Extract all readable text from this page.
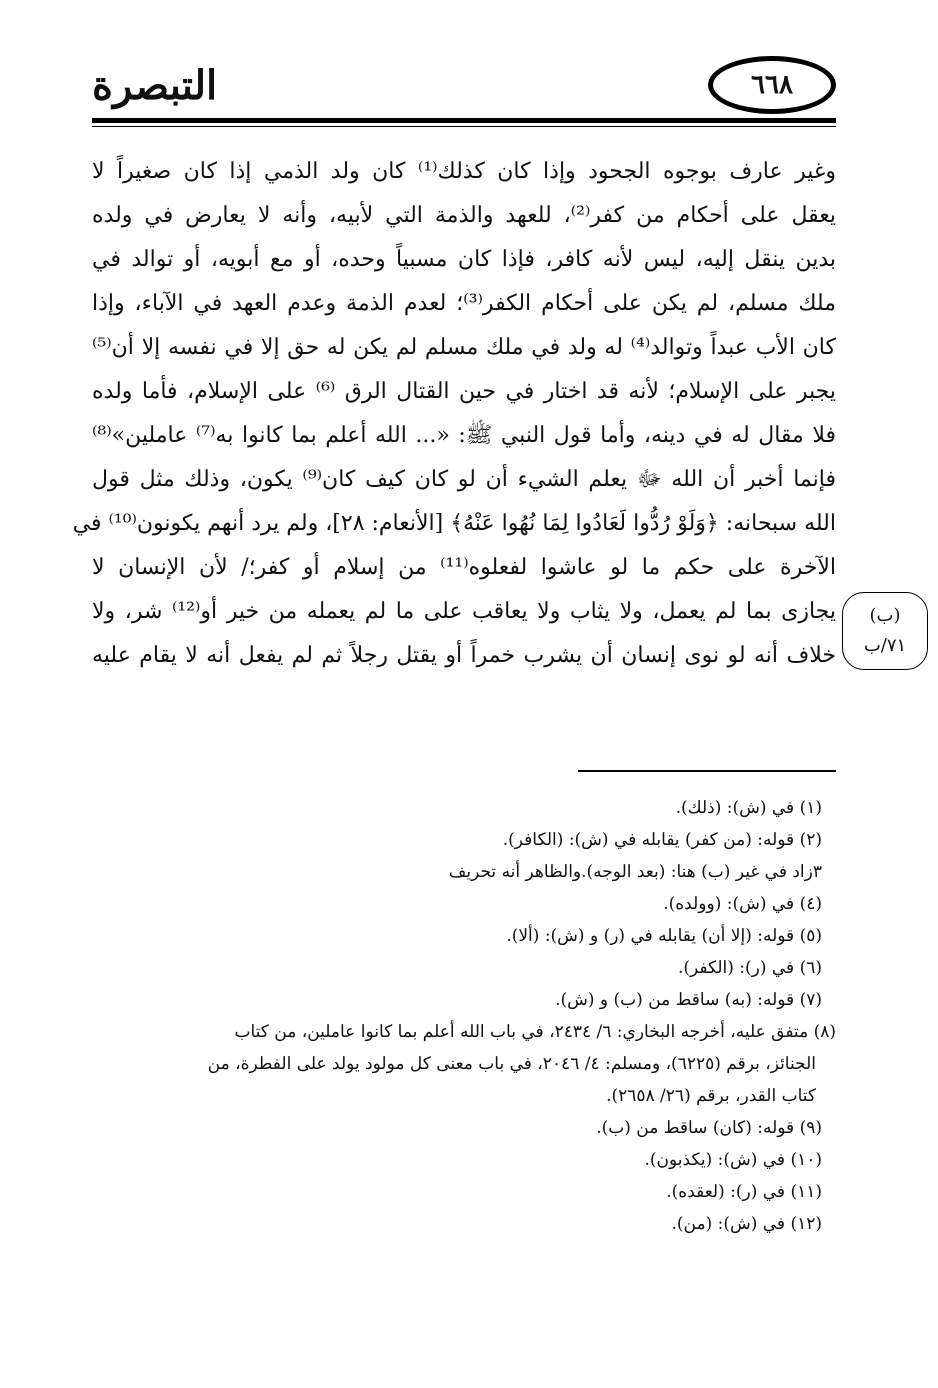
التبصرة	٦٦٨
وغير عارف بوجوه الجحود وإذا كان كذلك⁽¹⁾ كان ولد الذمي إذا كان صغيراً لا
يعقل على أحكام من كفر⁽²⁾، للعهد والذمة التي لأبيه، وأنه لا يعارض في ولده
بدين ينقل إليه، ليس لأنه كافر، فإذا كان مسبياً وحده، أو مع أبويه، أو توالد في
ملك مسلم، لم يكن على أحكام الكفر⁽³⁾؛ لعدم الذمة وعدم العهد في الآباء، وإذا
كان الأب عبداً وتوالد⁽⁴⁾ له ولد في ملك مسلم لم يكن له حق إلا في نفسه إلا أن⁽⁵⁾
يجبر على الإسلام؛ لأنه قد اختار في حين القتال الرق ⁽⁶⁾ على الإسلام، فأما ولده
فلا مقال له في دينه، وأما قول النبي ﷺ: «... الله أعلم بما كانوا به⁽⁷⁾ عاملين»⁽⁸⁾
فإنما أخبر أن الله ﷻ يعلم الشيء أن لو كان كيف كان⁽⁹⁾ يكون، وذلك مثل قول
الله سبحانه: ﴿وَلَوْ رُدُّوا لَعَادُوا لِمَا نُهُوا عَنْهُ﴾ [الأنعام: ٢٨]، ولم يرد أنهم يكونون⁽¹⁰⁾ في
الآخرة على حكم ما لو عاشوا لفعلوه⁽¹¹⁾ من إسلام أو كفر؛/ لأن الإنسان لا
يجازى بما لم يعمل، ولا يثاب ولا يعاقب على ما لم يعمله من خير أو⁽¹²⁾ شر، ولا
خلاف أنه لو نوى إنسان أن يشرب خمراً أو يقتل رجلاً ثم لم يفعل أنه لا يقام عليه
(ب)
٧١/ب
(١) في (ش): (ذلك).
(٢) قوله: (من كفر) يقابله في (ش): (الكافر).
٣زاد في غير (ب) هنا: (بعد الوجه).والظاهر أنه تحريف
(٤) في (ش): (وولده).
(٥) قوله: (إلا أن) يقابله في (ر) و (ش): (ألا).
(٦) في (ر): (الكفر).
(٧) قوله: (به) ساقط من (ب) و (ش).
(٨) متفق عليه، أخرجه البخاري: ٦/ ٢٤٣٤، في باب الله أعلم بما كانوا عاملين، من كتاب
الجنائز، برقم (٦٢٢٥)، ومسلم: ٤/ ٢٠٤٦، في باب معنى كل مولود يولد على الفطرة، من
كتاب القدر، برقم (٢٦/ ٢٦٥٨).
(٩) قوله: (كان) ساقط من (ب).
(١٠) في (ش): (يكذبون).
(١١) في (ر): (لعقده).
(١٢) في (ش): (من).
